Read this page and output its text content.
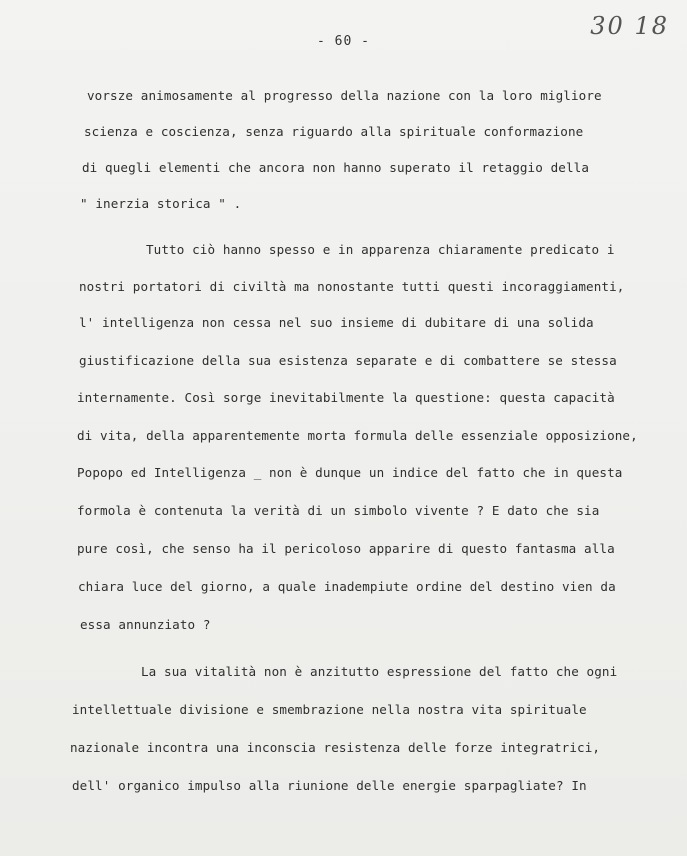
- 60 -
30 18
vorsze animosamente al progresso della nazione con la loro migliore
scienza e coscienza, senza riguardo alla spirituale conformazione
di quegli elementi che ancora non hanno superato il retaggio della
" inerzia storica " .
Tutto ciò hanno spesso e in apparenza chiaramente predicato i
nostri portatori di civiltà ma nonostante tutti questi incoraggiamenti,
l' intelligenza non cessa nel suo insieme di dubitare di una solida
giustificazione della sua esistenza separate e di combattere se stessa
internamente. Così sorge inevitabilmente la questione: questa capacità
di vita, della apparentemente morta formula delle essenziale opposizione,
Popopo ed Intelligenza _ non è dunque un indice del fatto che in questa
formola è contenuta la verità di un simbolo vivente ? E dato che sia
pure così, che senso ha il pericoloso apparire di questo fantasma alla
chiara luce del giorno, a quale inadempiute ordine del destino vien da
essa annunziato ?
La sua vitalità non è anzitutto espressione del fatto che ogni
intellettuale divisione e smembrazione nella nostra vita spirituale
nazionale incontra una inconscia resistenza delle forze integratrici,
dell' organico impulso alla riunione delle energie sparpagliate? In
